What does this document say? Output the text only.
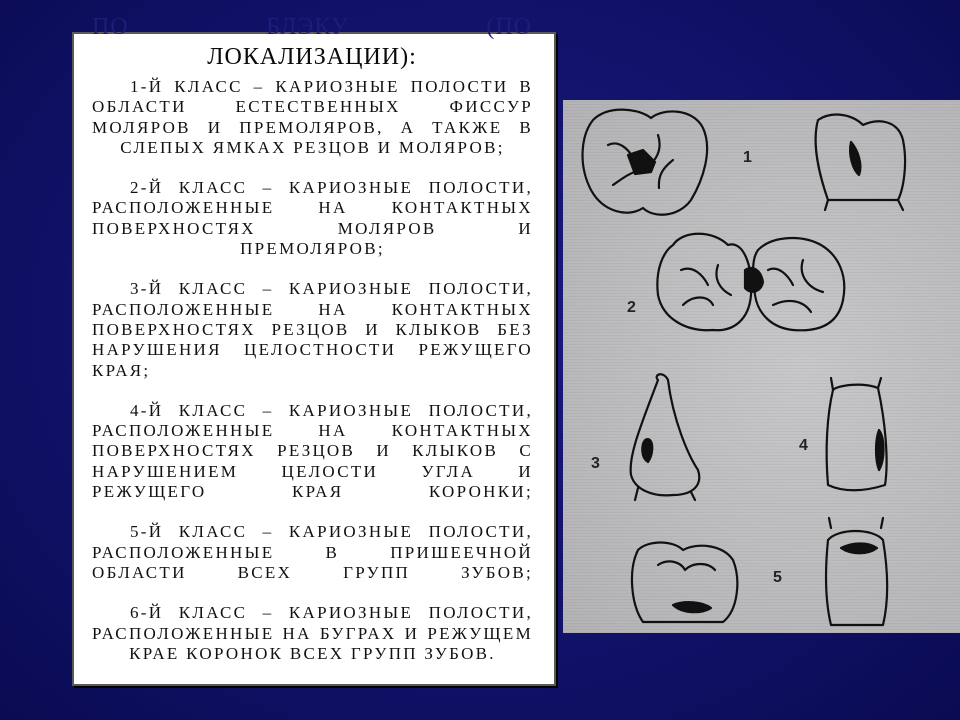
ПО	БЛЭКУ	(ПО
ЛОКАЛИЗАЦИИ):

1-Й КЛАСС – КАРИОЗНЫЕ ПОЛОСТИ В ОБЛАСТИ ЕСТЕСТВЕННЫХ ФИССУР МОЛЯРОВ И ПРЕМОЛЯРОВ, А ТАКЖЕ В СЛЕПЫХ ЯМКАХ РЕЗЦОВ И МОЛЯРОВ;

2-Й КЛАСС – КАРИОЗНЫЕ ПОЛОСТИ, РАСПОЛОЖЕННЫЕ НА КОНТАКТНЫХ ПОВЕРХНОСТЯХ МОЛЯРОВ И ПРЕМОЛЯРОВ;

3-Й КЛАСС – КАРИОЗНЫЕ ПОЛОСТИ, РАСПОЛОЖЕННЫЕ НА КОНТАКТНЫХ ПОВЕРХНОСТЯХ РЕЗЦОВ И КЛЫКОВ БЕЗ НАРУШЕНИЯ ЦЕЛОСТНОСТИ РЕЖУЩЕГО КРАЯ;

4-Й КЛАСС – КАРИОЗНЫЕ ПОЛОСТИ, РАСПОЛОЖЕННЫЕ НА КОНТАКТНЫХ ПОВЕРХНОСТЯХ РЕЗЦОВ И КЛЫКОВ С НАРУШЕНИЕМ ЦЕЛОСТИ УГЛА И РЕЖУЩЕГО КРАЯ КОРОНКИ;

5-Й КЛАСС – КАРИОЗНЫЕ ПОЛОСТИ, РАСПОЛОЖЕННЫЕ В ПРИШЕЕЧНОЙ ОБЛАСТИ ВСЕХ ГРУПП ЗУБОВ;

6-Й КЛАСС – КАРИОЗНЫЕ ПОЛОСТИ, РАСПОЛОЖЕННЫЕ НА БУГРАХ И РЕЖУЩЕМ КРАЕ КОРОНОК ВСЕХ ГРУПП ЗУБОВ.

1
2
3
4
5
